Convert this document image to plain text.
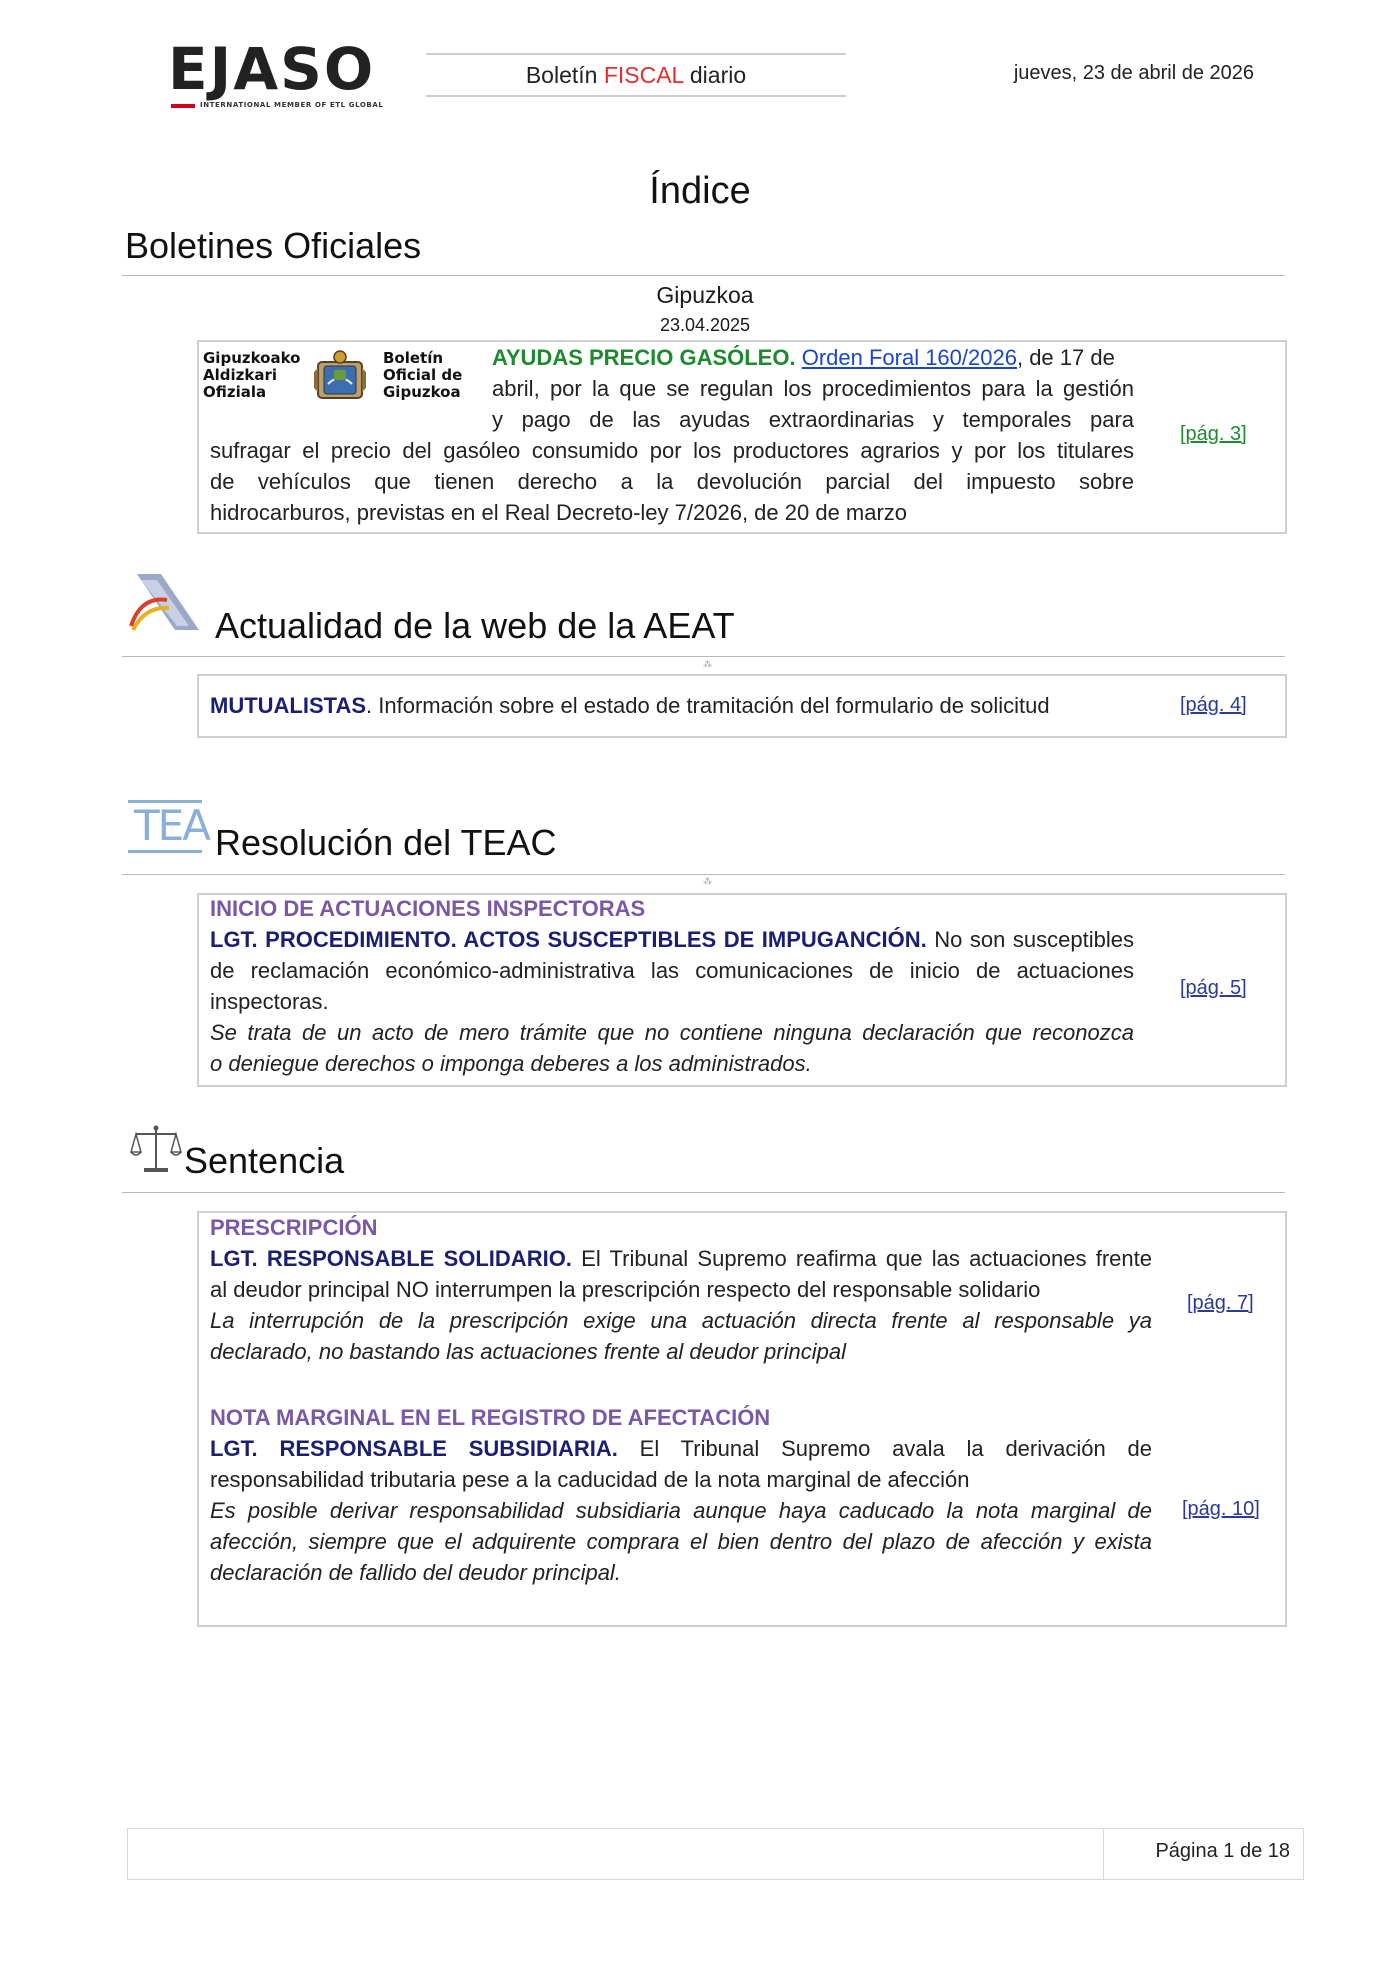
EJASO
INTERNATIONAL MEMBER OF ETL GLOBAL
Boletín FISCAL diario	jueves, 23 de abril de 2026
Índice
Boletines Oficiales
Gipuzkoa
23.04.2025
Gipuzkoako
Aldizkari
Ofiziala
Boletín
Oficial de
Gipuzkoa
AYUDAS PRECIO GASÓLEO. Orden Foral 160/2026, de 17 de
abril, por la que se regulan los procedimientos para la gestión
y pago de las ayudas extraordinarias y temporales para
sufragar el precio del gasóleo consumido por los productores agrarios y por los titulares
de vehículos que tienen derecho a la devolución parcial del impuesto sobre
hidrocarburos, previstas en el Real Decreto-ley 7/2026, de 20 de marzo
[pág. 3]
Actualidad de la web de la AEAT
⁂
MUTUALISTAS. Información sobre el estado de tramitación del formulario de solicitud	[pág. 4]
TEA Resolución del TEAC
⁂
INICIO DE ACTUACIONES INSPECTORAS
LGT. PROCEDIMIENTO. ACTOS SUSCEPTIBLES DE IMPUGANCIÓN. No son susceptibles
de reclamación económico-administrativa las comunicaciones de inicio de actuaciones
inspectoras.
Se trata de un acto de mero trámite que no contiene ninguna declaración que reconozca
o deniegue derechos o imponga deberes a los administrados.
[pág. 5]
Sentencia
PRESCRIPCIÓN
LGT. RESPONSABLE SOLIDARIO. El Tribunal Supremo reafirma que las actuaciones frente
al deudor principal NO interrumpen la prescripción respecto del responsable solidario
La interrupción de la prescripción exige una actuación directa frente al responsable ya
declarado, no bastando las actuaciones frente al deudor principal
[pág. 7]
NOTA MARGINAL EN EL REGISTRO DE AFECTACIÓN
LGT. RESPONSABLE SUBSIDIARIA. El Tribunal Supremo avala la derivación de
responsabilidad tributaria pese a la caducidad de la nota marginal de afección
Es posible derivar responsabilidad subsidiaria aunque haya caducado la nota marginal de
afección, siempre que el adquirente comprara el bien dentro del plazo de afección y exista
declaración de fallido del deudor principal.
[pág. 10]
Página 1 de 18
